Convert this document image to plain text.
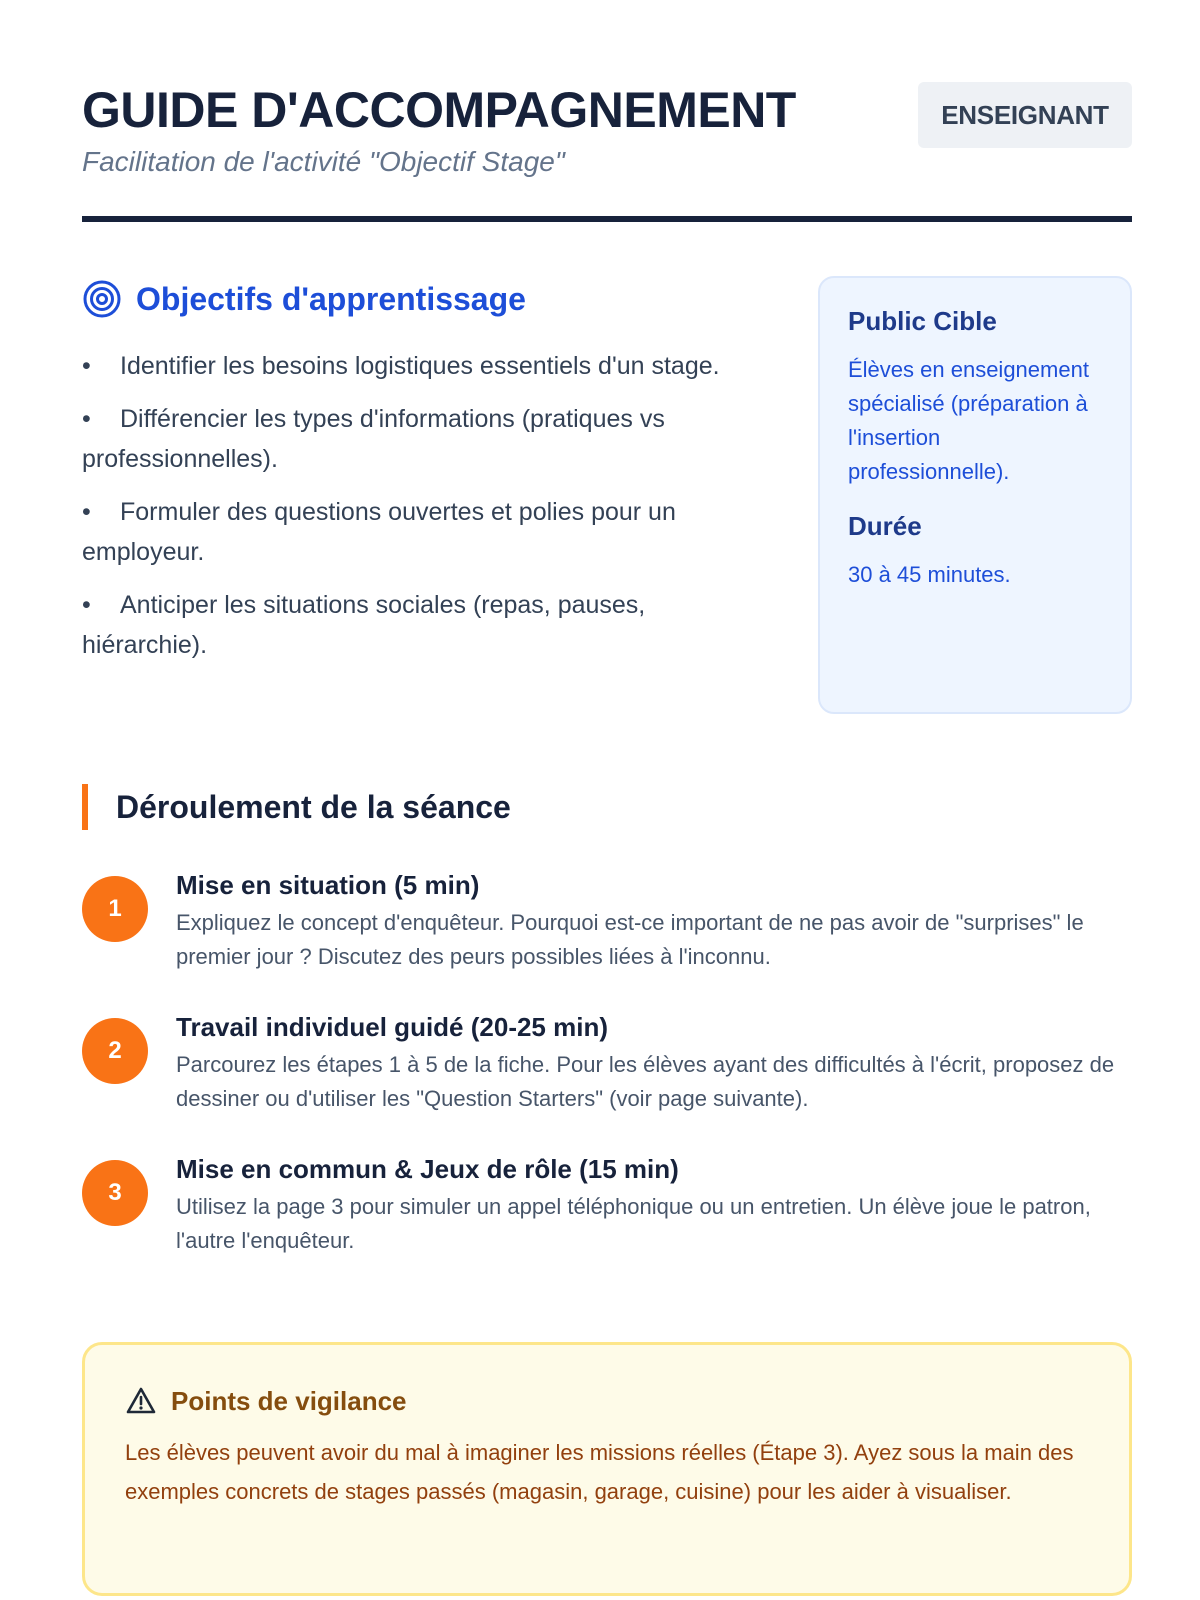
GUIDE D'ACCOMPAGNEMENT
Facilitation de l'activité "Objectif Stage"
ENSEIGNANT
Objectifs d'apprentissage
• Identifier les besoins logistiques essentiels d'un stage.
• Différencier les types d'informations (pratiques vs professionnelles).
• Formuler des questions ouvertes et polies pour un employeur.
• Anticiper les situations sociales (repas, pauses, hiérarchie).
Public Cible
Élèves en enseignement spécialisé (préparation à l'insertion professionnelle).
Durée
30 à 45 minutes.
Déroulement de la séance
1
Mise en situation (5 min)
Expliquez le concept d'enquêteur. Pourquoi est-ce important de ne pas avoir de "surprises" le premier jour ? Discutez des peurs possibles liées à l'inconnu.
2
Travail individuel guidé (20-25 min)
Parcourez les étapes 1 à 5 de la fiche. Pour les élèves ayant des difficultés à l'écrit, proposez de dessiner ou d'utiliser les "Question Starters" (voir page suivante).
3
Mise en commun & Jeux de rôle (15 min)
Utilisez la page 3 pour simuler un appel téléphonique ou un entretien. Un élève joue le patron, l'autre l'enquêteur.
Points de vigilance

Les élèves peuvent avoir du mal à imaginer les missions réelles (Étape 3). Ayez sous la main des exemples concrets de stages passés (magasin, garage, cuisine) pour les aider à visualiser.
